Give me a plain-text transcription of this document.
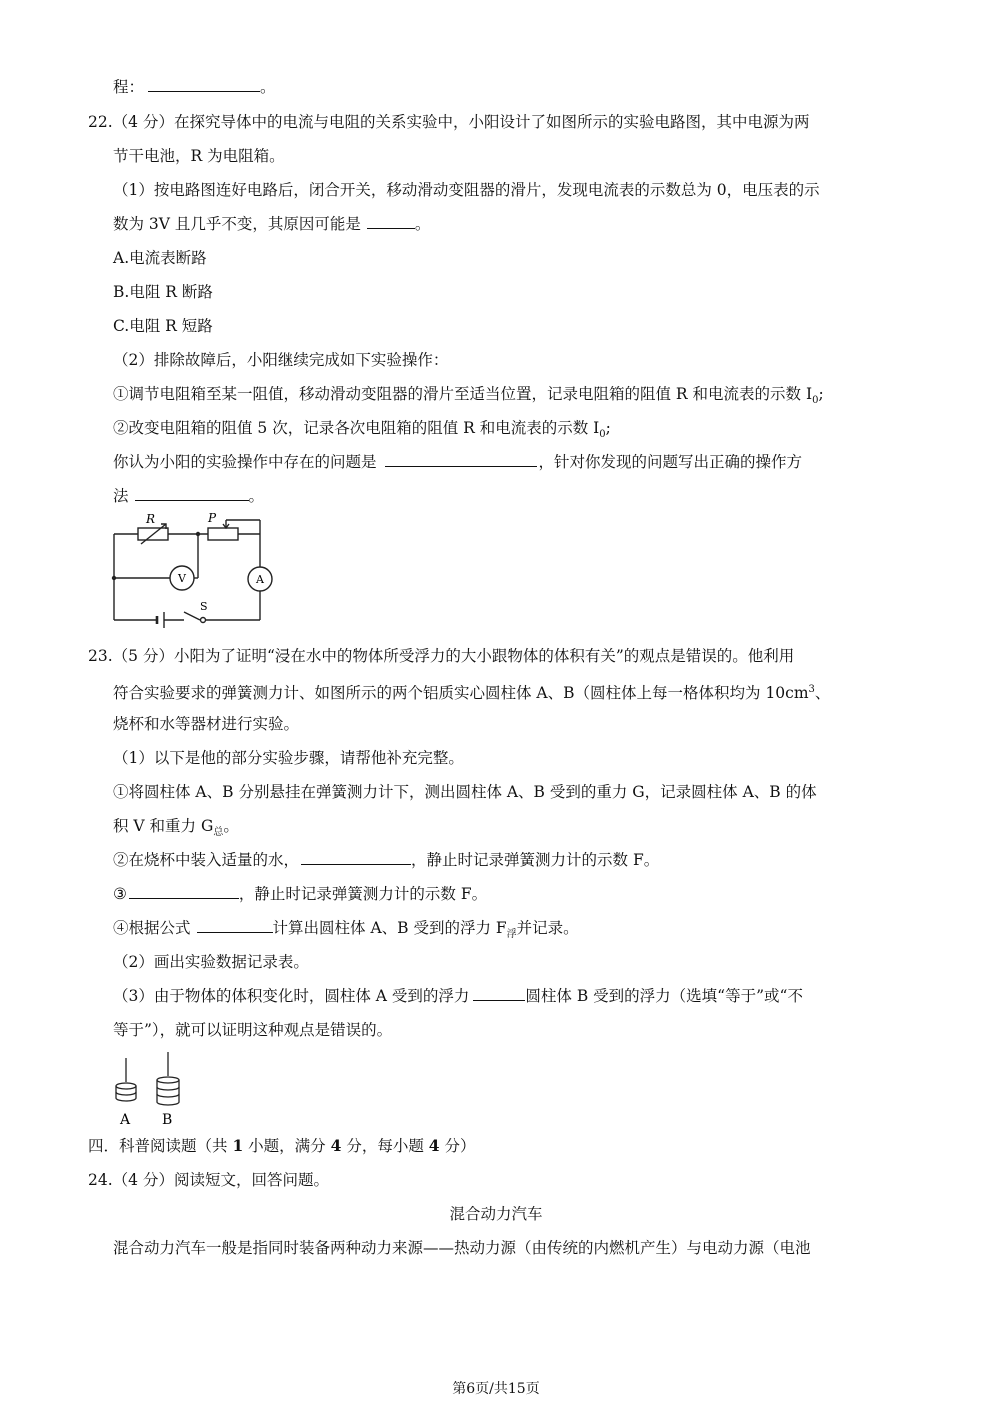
程：	。
22.（4 分）在探究导体中的电流与电阻的关系实验中，小阳设计了如图所示的实验电路图，其中电源为两
节干电池，R 为电阻箱。
（1）按电路图连好电路后，闭合开关，移动滑动变阻器的滑片，发现电流表的示数总为 0，电压表的示
数为 3V 且几乎不变，其原因可能是	。
A.电流表断路
B.电阻 R 断路
C.电阻 R 短路
（2）排除故障后，小阳继续完成如下实验操作：
①调节电阻箱至某一阻值，移动滑动变阻器的滑片至适当位置，记录电阻箱的阻值 R 和电流表的示数 $I_0$;
②改变电阻箱的阻值 5 次，记录各次电阻箱的阻值 R 和电流表的示数 $I_0$;
你认为小阳的实验操作中存在的问题是	，针对你发现的问题写出正确的操作方
法	。
R	P
V	A
S
23.（5 分）小阳为了证明“浸在水中的物体所受浮力的大小跟物体的体积有关”的观点是错误的。他利用
符合实验要求的弹簧测力计、如图所示的两个铝质实心圆柱体 A、B（圆柱体上每一格体积均为 $10cm^3$、
烧杯和水等器材进行实验。
（1）以下是他的部分实验步骤，请帮他补充完整。
①将圆柱体 A、B 分别悬挂在弹簧测力计下，测出圆柱体 A、B 受到的重力 G，记录圆柱体 A、B 的体
积 V 和重力 $G_总$。
②在烧杯中装入适量的水，	，静止时记录弹簧测力计的示数 F。
③	，静止时记录弹簧测力计的示数 F。
④根据公式	计算出圆柱体 A、B 受到的浮力 $F_浮$并记录。
（2）画出实验数据记录表。
（3）由于物体的体积变化时，圆柱体 A 受到的浮力	圆柱体 B 受到的浮力（选填“等于”或“不
等于”），就可以证明这种观点是错误的。
A B
四．科普阅读题（共 1 小题，满分 4 分，每小题 4 分）
24.（4 分）阅读短文，回答问题。
混合动力汽车
混合动力汽车一般是指同时装备两种动力来源——热动力源（由传统的内燃机产生）与电动力源（电池
第6页/共15页
